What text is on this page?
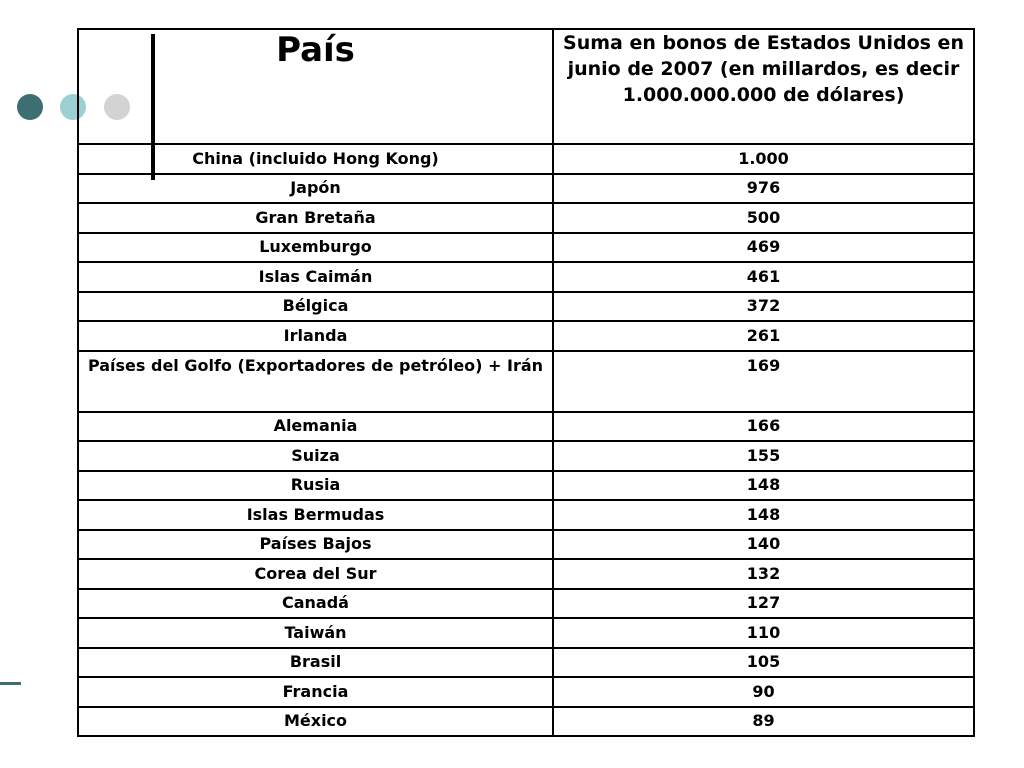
País	Suma en bonos de Estados Unidos en junio de 2007 (en millardos, es decir 1.000.000.000 de dólares)
China (incluido Hong Kong)	1.000
Japón	976
Gran Bretaña	500
Luxemburgo	469
Islas Caimán	461
Bélgica	372
Irlanda	261
Países del Golfo (Exportadores de petróleo) + Irán	169
Alemania	166
Suiza	155
Rusia	148
Islas Bermudas	148
Países Bajos	140
Corea del Sur	132
Canadá	127
Taiwán	110
Brasil	105
Francia	90
México	89
